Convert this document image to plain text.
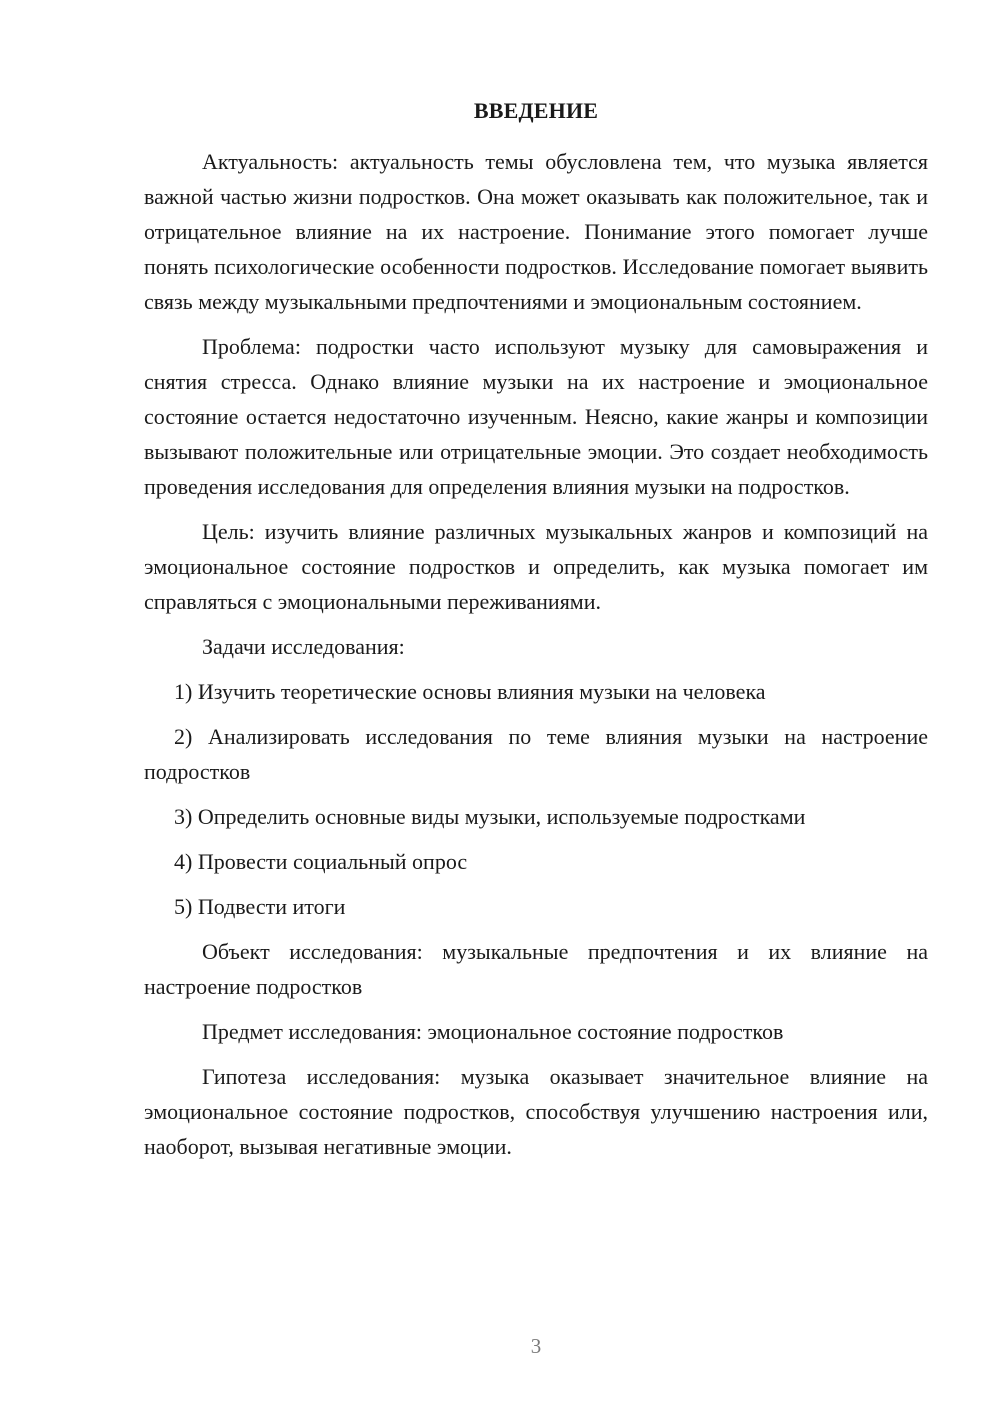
ВВЕДЕНИЕ

Актуальность: актуальность темы обусловлена тем, что музыка является важной частью жизни подростков. Она может оказывать как положительное, так и отрицательное влияние на их настроение. Понимание этого помогает лучше понять психологические особенности подростков. Исследование помогает выявить связь между музыкальными предпочтениями и эмоциональным состоянием.

Проблема: подростки часто используют музыку для самовыражения и снятия стресса. Однако влияние музыки на их настроение и эмоциональное состояние остается недостаточно изученным. Неясно, какие жанры и композиции вызывают положительные или отрицательные эмоции. Это создает необходимость проведения исследования для определения влияния музыки на подростков.

Цель: изучить влияние различных музыкальных жанров и композиций на эмоциональное состояние подростков и определить, как музыка помогает им справляться с эмоциональными переживаниями.

Задачи исследования:

1) Изучить теоретические основы влияния музыки на человека

2) Анализировать исследования по теме влияния музыки на настроение подростков

3) Определить основные виды музыки, используемые подростками

4) Провести социальный опрос

5) Подвести итоги

Объект исследования: музыкальные предпочтения и их влияние на настроение подростков

Предмет исследования: эмоциональное состояние подростков

Гипотеза исследования: музыка оказывает значительное влияние на эмоциональное состояние подростков, способствуя улучшению настроения или, наоборот, вызывая негативные эмоции.

3
